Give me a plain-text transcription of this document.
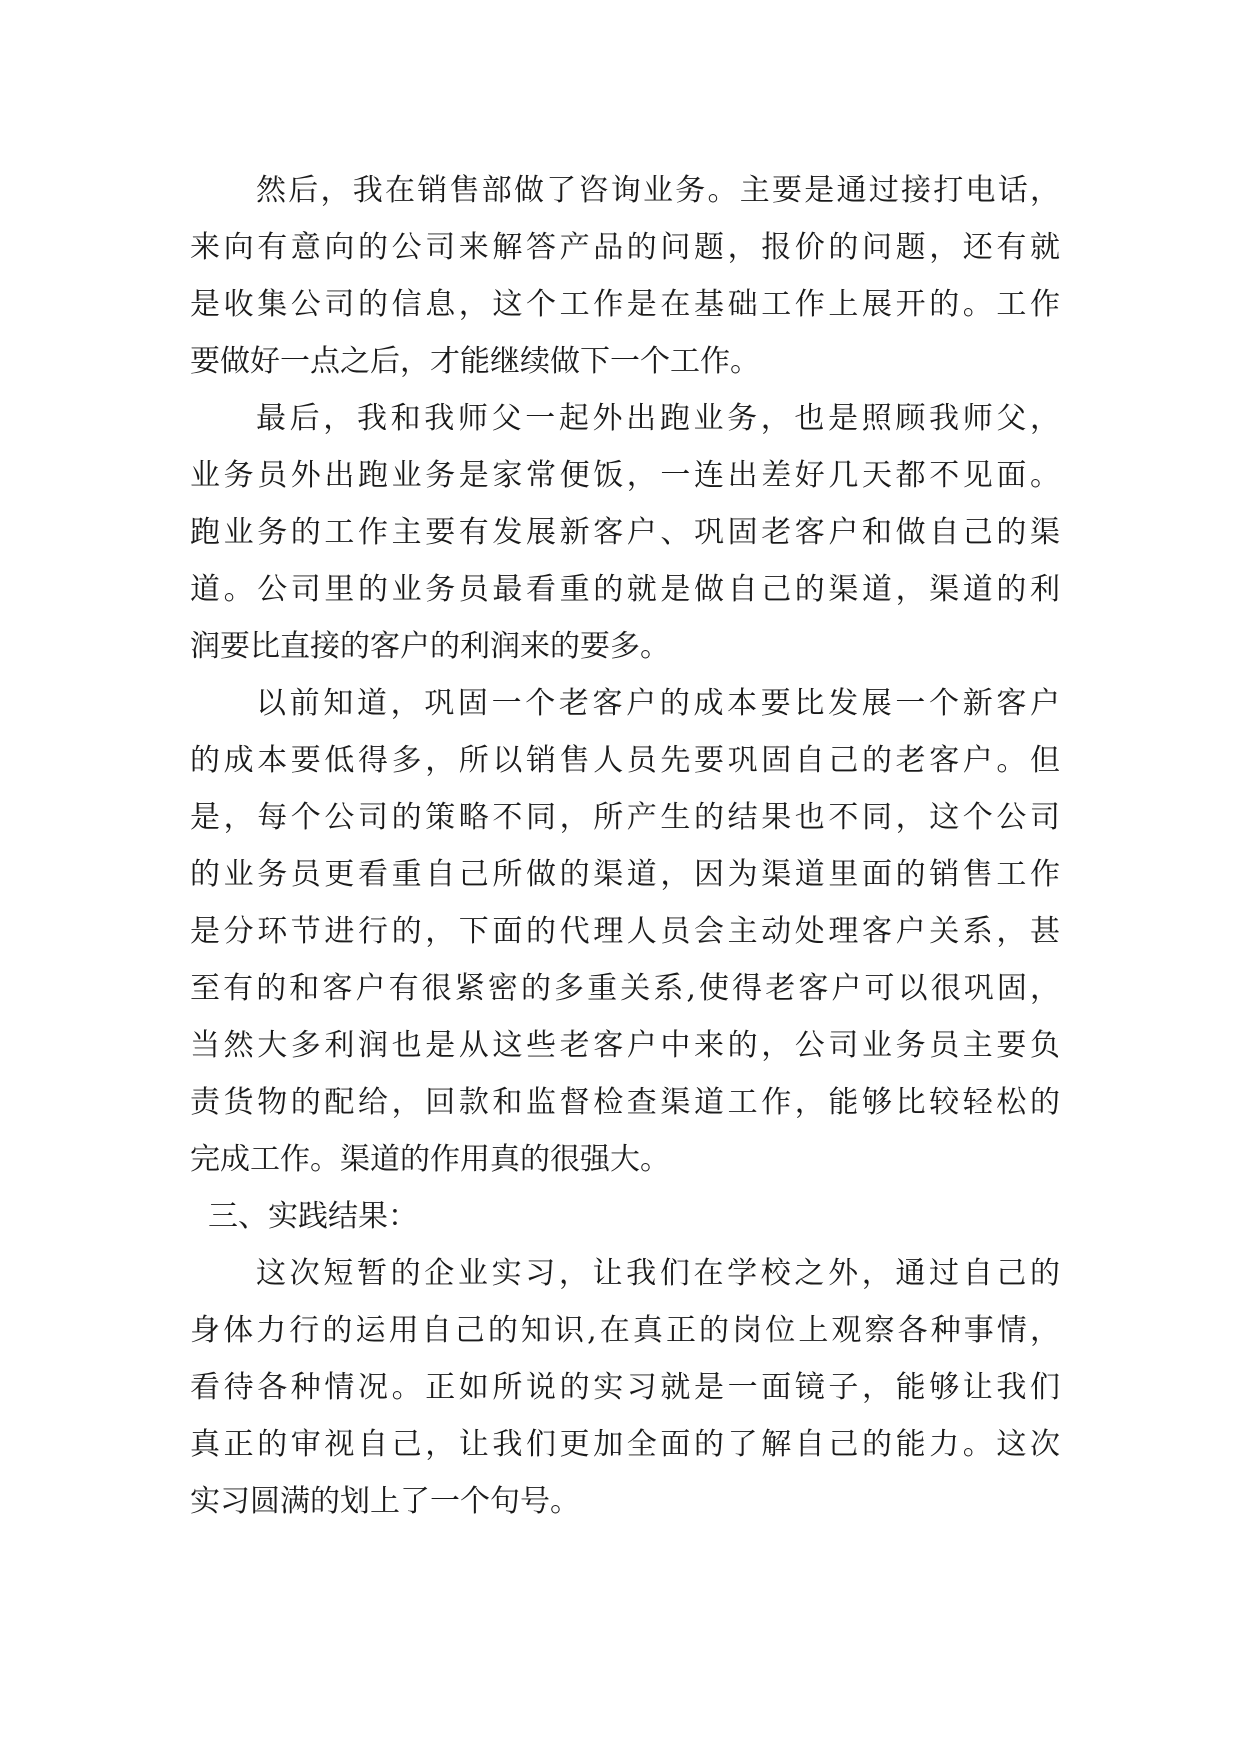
然后，我在销售部做了咨询业务。主要是通过接打电话，
来向有意向的公司来解答产品的问题，报价的问题，还有就
是收集公司的信息，这个工作是在基础工作上展开的。工作
要做好一点之后，才能继续做下一个工作。
最后，我和我师父一起外出跑业务，也是照顾我师父，
业务员外出跑业务是家常便饭，一连出差好几天都不见面。
跑业务的工作主要有发展新客户、巩固老客户和做自己的渠
道。公司里的业务员最看重的就是做自己的渠道，渠道的利
润要比直接的客户的利润来的要多。
以前知道，巩固一个老客户的成本要比发展一个新客户
的成本要低得多，所以销售人员先要巩固自己的老客户。但
是，每个公司的策略不同，所产生的结果也不同，这个公司
的业务员更看重自己所做的渠道，因为渠道里面的销售工作
是分环节进行的，下面的代理人员会主动处理客户关系，甚
至有的和客户有很紧密的多重关系,使得老客户可以很巩固，
当然大多利润也是从这些老客户中来的，公司业务员主要负
责货物的配给，回款和监督检查渠道工作，能够比较轻松的
完成工作。渠道的作用真的很强大。
三、实践结果：
这次短暂的企业实习，让我们在学校之外，通过自己的
身体力行的运用自己的知识,在真正的岗位上观察各种事情，
看待各种情况。正如所说的实习就是一面镜子，能够让我们
真正的审视自己，让我们更加全面的了解自己的能力。这次
实习圆满的划上了一个句号。
